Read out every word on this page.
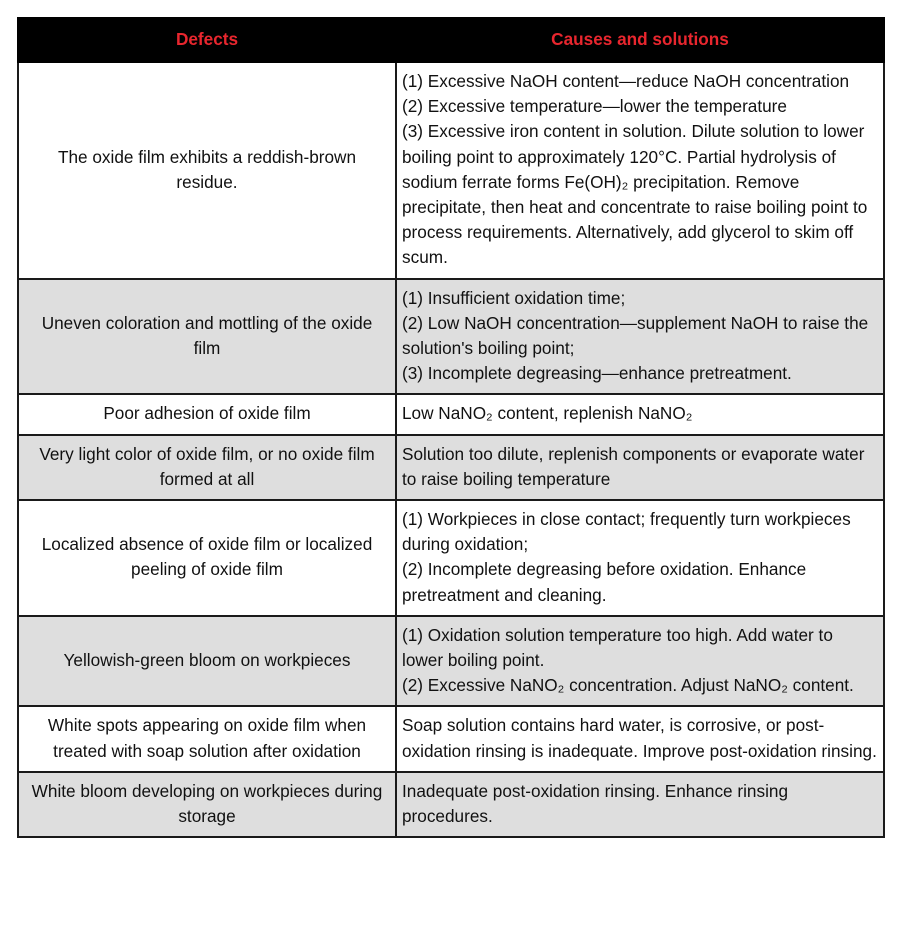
Defects	Causes and solutions
The oxide film exhibits a reddish-brown residue.	(1) Excessive NaOH content—reduce NaOH concentration
(2) Excessive temperature—lower the temperature
(3) Excessive iron content in solution. Dilute solution to lower boiling point to approximately 120°C. Partial hydrolysis of sodium ferrate forms Fe(OH)₂ precipitation. Remove precipitate, then heat and concentrate to raise boiling point to process requirements. Alternatively, add glycerol to skim off scum.

Uneven coloration and mottling of the oxide film	(1) Insufficient oxidation time;
(2) Low NaOH concentration—supplement NaOH to raise the solution's boiling point;
(3) Incomplete degreasing—enhance pretreatment.

Poor adhesion of oxide film	Low NaNO₂ content, replenish NaNO₂

Very light color of oxide film, or no oxide film formed at all	Solution too dilute, replenish components or evaporate water to raise boiling temperature

Localized absence of oxide film or localized peeling of oxide film	(1) Workpieces in close contact; frequently turn workpieces during oxidation;
(2) Incomplete degreasing before oxidation. Enhance pretreatment and cleaning.

Yellowish-green bloom on workpieces	(1) Oxidation solution temperature too high. Add water to lower boiling point.
(2) Excessive NaNO₂ concentration. Adjust NaNO₂ content.

White spots appearing on oxide film when treated with soap solution after oxidation	Soap solution contains hard water, is corrosive, or post-oxidation rinsing is inadequate. Improve post-oxidation rinsing.

White bloom developing on workpieces during storage	Inadequate post-oxidation rinsing. Enhance rinsing procedures.
